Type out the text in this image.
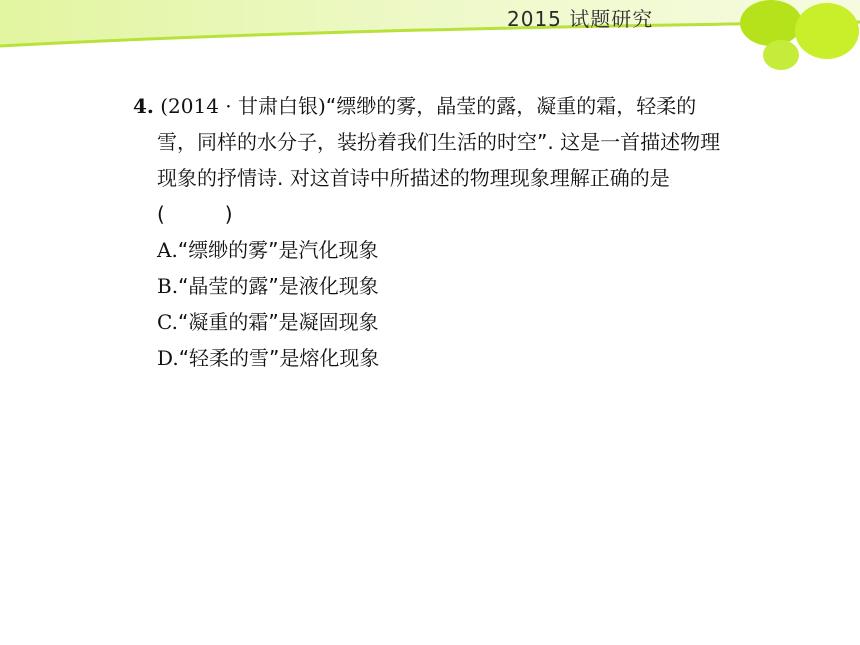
2015 试题研究
4. (2014 · 甘肃白银)“缥缈的雾，晶莹的露，凝重的霜，轻柔的雪，同样的水分子，装扮着我们生活的时空”. 这是一首描述物理现象的抒情诗. 对这首诗中所描述的物理现象理解正确的是(　　　)
A.“缥缈的雾”是汽化现象
B.“晶莹的露”是液化现象
C.“凝重的霜”是凝固现象
D.“轻柔的雪”是熔化现象
